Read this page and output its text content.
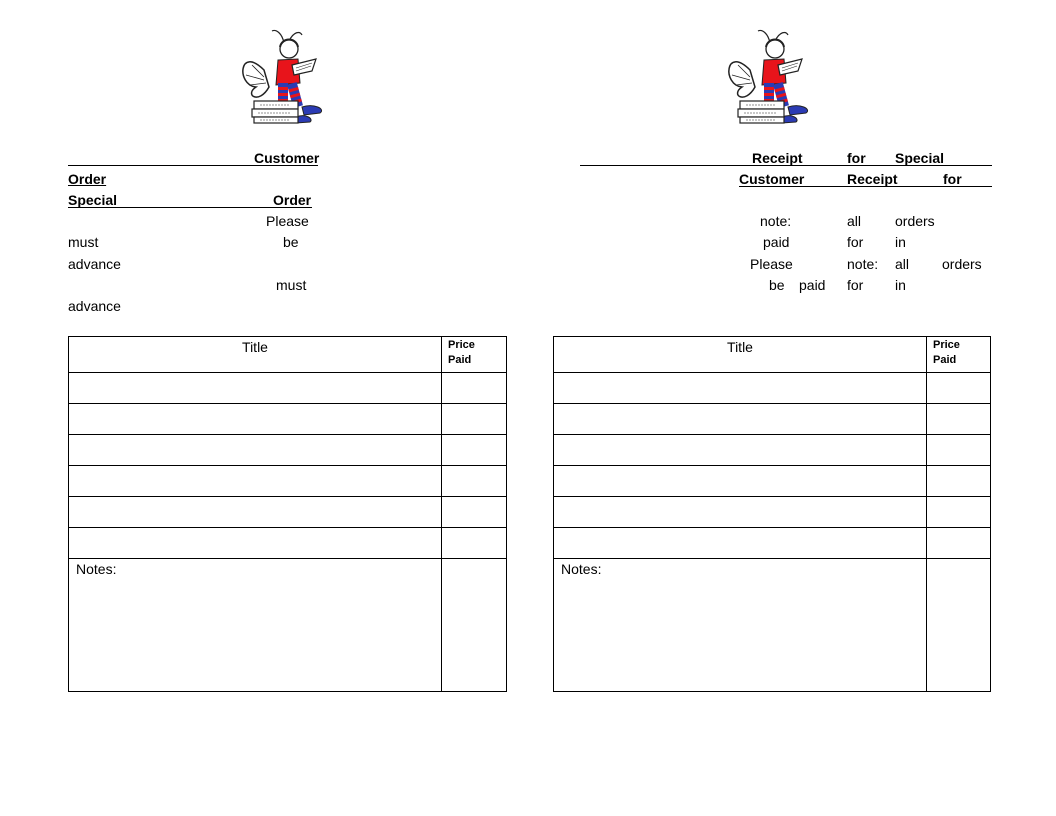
Customer
Order
Special	Order
Please
must	be
advance
must
advance
Receipt	for Special
Customer	Receipt	for
note:	all orders
paid	for in
Please	note: all orders
be paid for in
Title	Price
Paid

Notes:	
Title	Price
Paid

Notes:	
